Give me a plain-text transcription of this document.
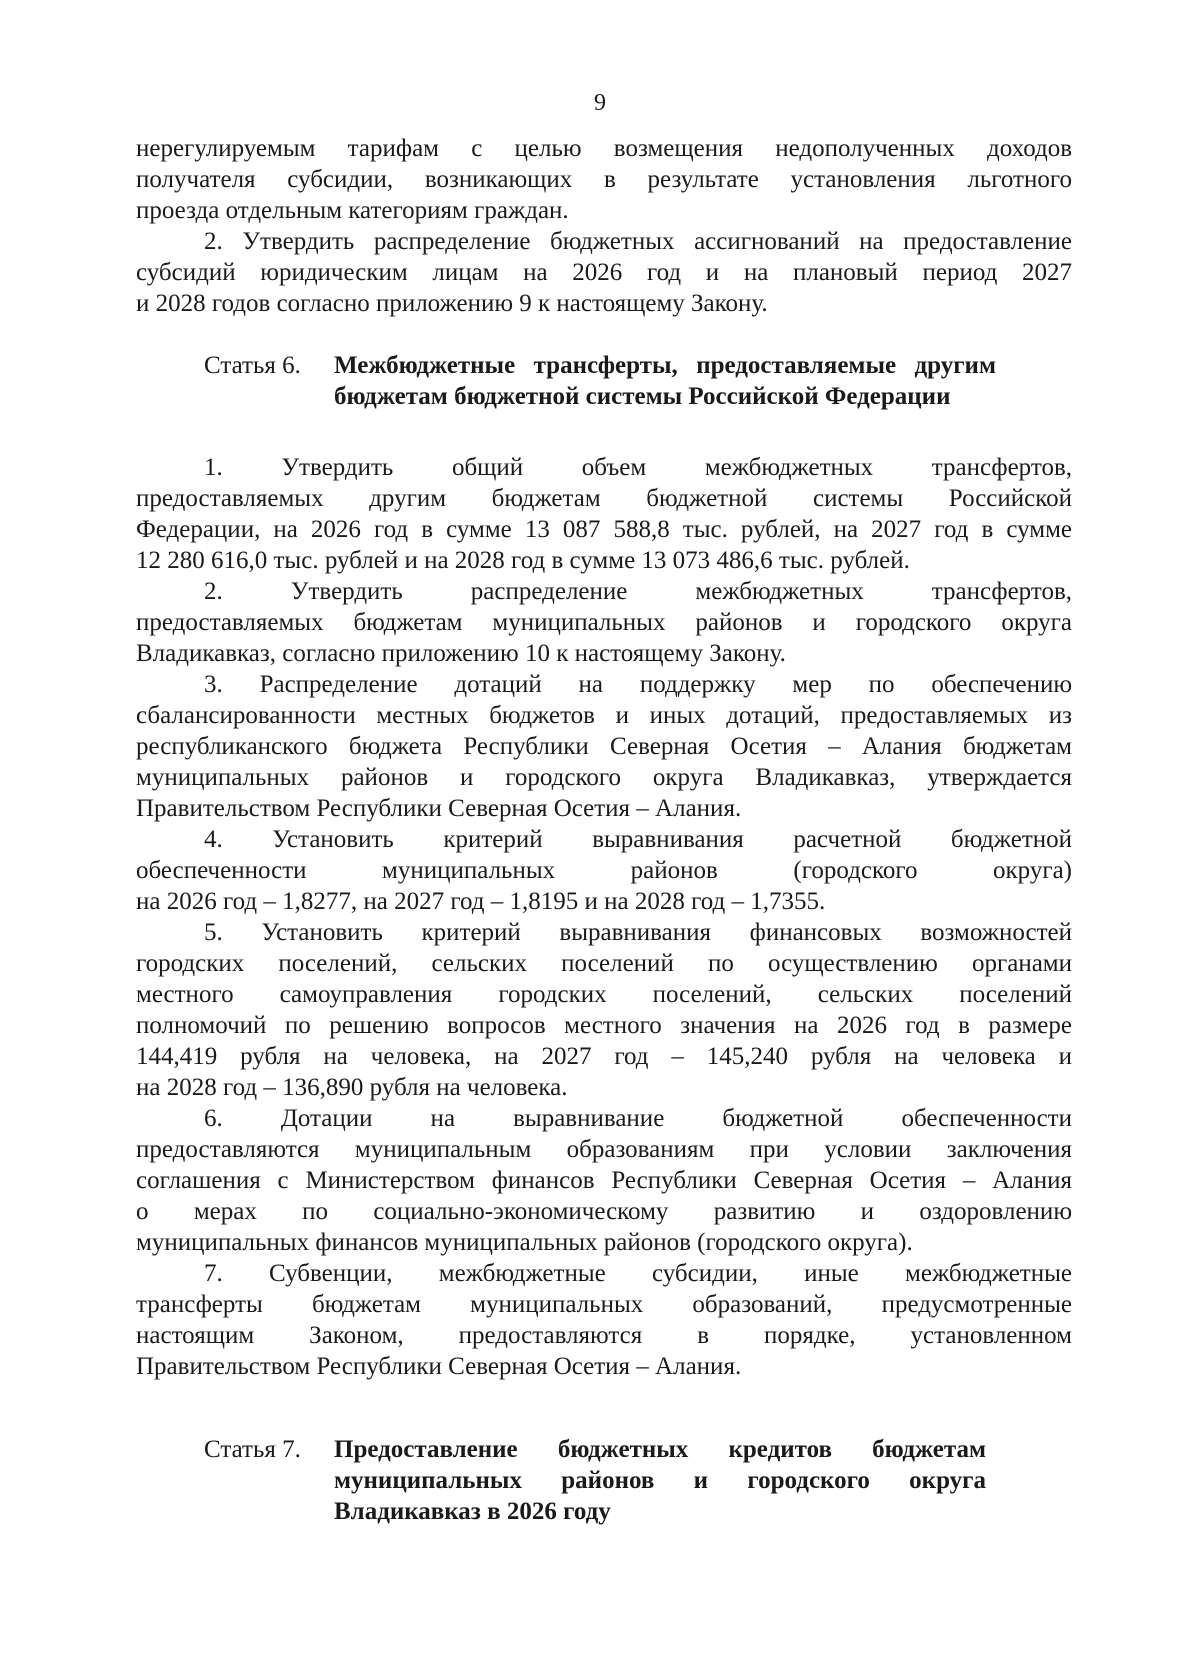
9
нерегулируемым тарифам с целью возмещения недополученных доходов
получателя субсидии, возникающих в результате установления льготного
проезда отдельным категориям граждан.
2. Утвердить распределение бюджетных ассигнований на предоставление
субсидий юридическим лицам на 2026 год и на плановый период 2027
и 2028 годов согласно приложению 9 к настоящему Закону.
Статья 6. Межбюджетные трансферты, предоставляемые другим
бюджетам бюджетной системы Российской Федерации
1. Утвердить общий объем межбюджетных трансфертов,
предоставляемых другим бюджетам бюджетной системы Российской
Федерации, на 2026 год в сумме 13 087 588,8 тыс. рублей, на 2027 год в сумме
12 280 616,0 тыс. рублей и на 2028 год в сумме 13 073 486,6 тыс. рублей.
2. Утвердить распределение межбюджетных трансфертов,
предоставляемых бюджетам муниципальных районов и городского округа
Владикавказ, согласно приложению 10 к настоящему Закону.
3. Распределение дотаций на поддержку мер по обеспечению
сбалансированности местных бюджетов и иных дотаций, предоставляемых из
республиканского бюджета Республики Северная Осетия – Алания бюджетам
муниципальных районов и городского округа Владикавказ, утверждается
Правительством Республики Северная Осетия – Алания.
4. Установить критерий выравнивания расчетной бюджетной
обеспеченности муниципальных районов (городского округа)
на 2026 год – 1,8277, на 2027 год – 1,8195 и на 2028 год – 1,7355.
5. Установить критерий выравнивания финансовых возможностей
городских поселений, сельских поселений по осуществлению органами
местного самоуправления городских поселений, сельских поселений
полномочий по решению вопросов местного значения на 2026 год в размере
144,419 рубля на человека, на 2027 год – 145,240 рубля на человека и
на 2028 год – 136,890 рубля на человека.
6. Дотации на выравнивание бюджетной обеспеченности
предоставляются муниципальным образованиям при условии заключения
соглашения с Министерством финансов Республики Северная Осетия – Алания
о мерах по социально-экономическому развитию и оздоровлению
муниципальных финансов муниципальных районов (городского округа).
7. Субвенции, межбюджетные субсидии, иные межбюджетные
трансферты бюджетам муниципальных образований, предусмотренные
настоящим Законом, предоставляются в порядке, установленном
Правительством Республики Северная Осетия – Алания.
Статья 7. Предоставление бюджетных кредитов бюджетам
муниципальных районов и городского округа
Владикавказ в 2026 году
